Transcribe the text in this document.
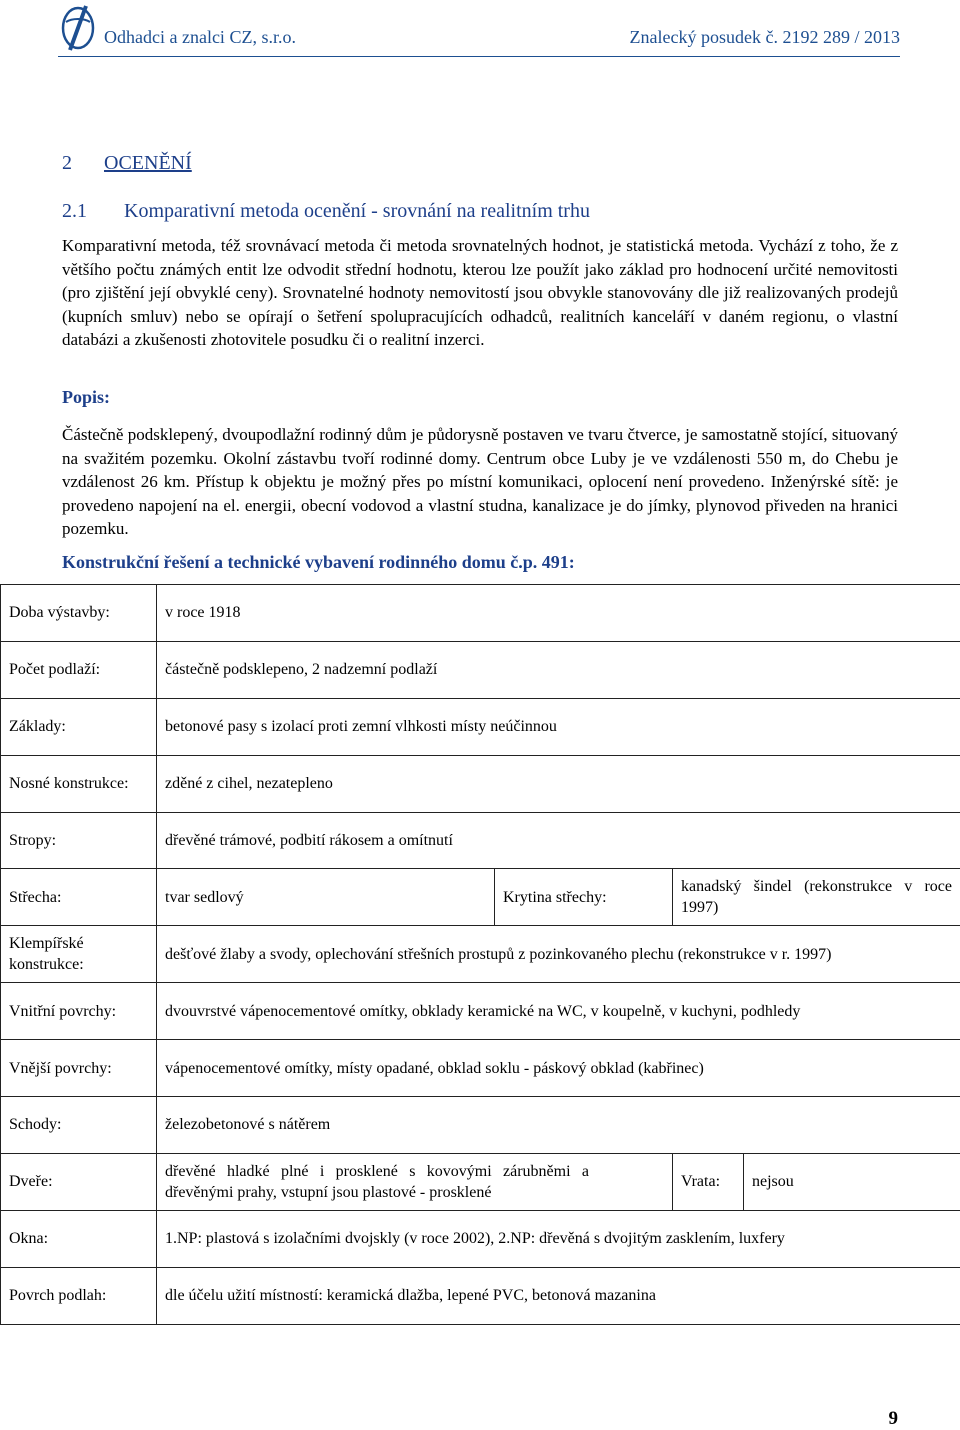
Odhadci a znalci CZ, s.r.o.	Znalecký posudek č. 2192 289 / 2013
2 OCENĚNÍ
2.1 Komparativní metoda ocenění - srovnání na realitním trhu
Komparativní metoda, též srovnávací metoda či metoda srovnatelných hodnot, je statistická metoda. Vychází z toho, že z většího počtu známých entit lze odvodit střední hodnotu, kterou lze použít jako základ pro hodnocení určité nemovitosti (pro zjištění její obvyklé ceny). Srovnatelné hodnoty nemovitostí jsou obvykle stanovovány dle již realizovaných prodejů (kupních smluv) nebo se opírají o šetření spolupracujících odhadců, realitních kanceláří v daném regionu, o vlastní databázi a zkušenosti zhotovitele posudku či o realitní inzerci.
Popis:
Částečně podsklepený, dvoupodlažní rodinný dům je půdorysně postaven ve tvaru čtverce, je samostatně stojící, situovaný na svažitém pozemku. Okolní zástavbu tvoří rodinné domy. Centrum obce Luby je ve vzdálenosti 550 m, do Chebu je vzdálenost 26 km. Přístup k objektu je možný přes po místní komunikaci, oplocení není provedeno. Inženýrské sítě: je provedeno napojení na el. energii, obecní vodovod a vlastní studna, kanalizace je do jímky, plynovod přiveden na hranici pozemku.
Konstrukční řešení a technické vybavení rodinného domu č.p. 491:
Doba výstavby:	v roce 1918		
Počet podlaží:	částečně podsklepeno, 2 nadzemní podlaží		
Základy:	betonové pasy s izolací proti zemní vlhkosti místy neúčinnou		
Nosné konstrukce:	zděné z cihel, nezatepleno		
Stropy:	dřevěné trámové, podbití rákosem a omítnutí		
Střecha:	tvar sedlový	Krytina střechy:	kanadský šindel (rekonstrukce v roce 1997)
Klempířské konstrukce:	dešťové žlaby a svody, oplechování střešních prostupů z pozinkovaného plechu (rekonstrukce v r. 1997)		
Vnitřní povrchy:	dvouvrstvé vápenocementové omítky, obklady keramické na WC, v koupelně, v kuchyni, podhledy		
Vnější povrchy:	vápenocementové omítky, místy opadané, obklad soklu - páskový obklad (kabřinec)		
Schody:	železobetonové s nátěrem		
Dveře:	dřevěné hladké plné i prosklené s kovovými zárubněmi a dřevěnými prahy, vstupní jsou plastové - prosklené		Vrata: nejsou

Okna:	1.NP: plastová s izolačními dvojskly (v roce 2002), 2.NP: dřevěná s dvojitým zasklením, luxfery		
Povrch podlah:	dle účelu užití místností: keramická dlažba, lepené PVC, betonová mazanina		
9
